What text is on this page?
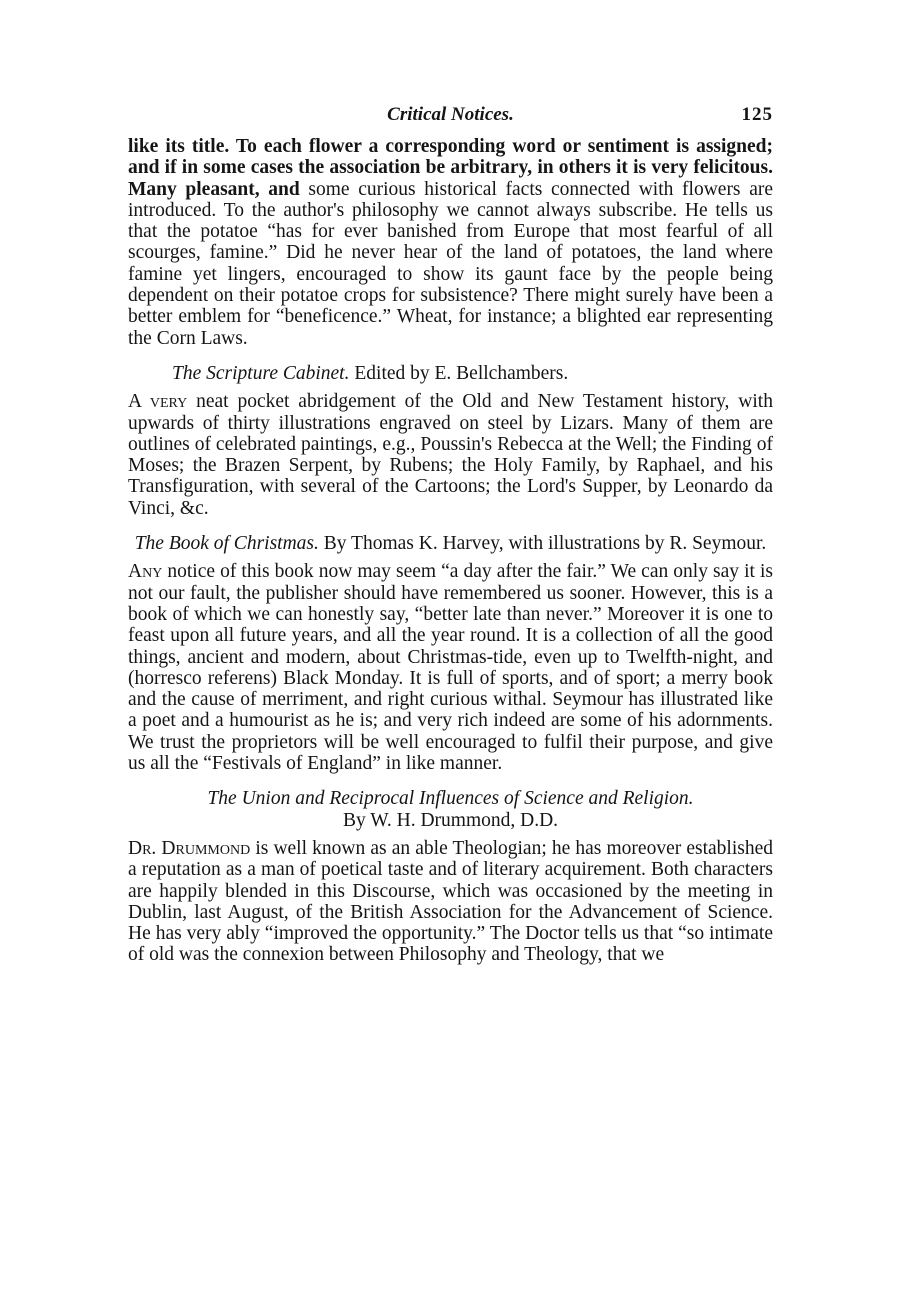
Critical Notices.	125

like its title. To each flower a corresponding word or sentiment is assigned; and if in some cases the association be arbitrary, in others it is very felicitous. Many pleasant, and some curious historical facts connected with flowers are introduced. To the author's philosophy we cannot always subscribe. He tells us that the potatoe “has for ever banished from Europe that most fearful of all scourges, famine.” Did he never hear of the land of potatoes, the land where famine yet lingers, encouraged to show its gaunt face by the people being dependent on their potatoe crops for subsistence? There might surely have been a better emblem for “beneficence.” Wheat, for instance; a blighted ear representing the Corn Laws.

The Scripture Cabinet. Edited by E. Bellchambers.

A very neat pocket abridgement of the Old and New Testament history, with upwards of thirty illustrations engraved on steel by Lizars. Many of them are outlines of celebrated paintings, e.g., Poussin's Rebecca at the Well; the Finding of Moses; the Brazen Serpent, by Rubens; the Holy Family, by Raphael, and his Transfiguration, with several of the Cartoons; the Lord's Supper, by Leonardo da Vinci, &c.

The Book of Christmas. By Thomas K. Harvey, with illustrations by R. Seymour.

Any notice of this book now may seem “a day after the fair.” We can only say it is not our fault, the publisher should have remembered us sooner. However, this is a book of which we can honestly say, “better late than never.” Moreover it is one to feast upon all future years, and all the year round. It is a collection of all the good things, ancient and modern, about Christmas-tide, even up to Twelfth-night, and (horresco referens) Black Monday. It is full of sports, and of sport; a merry book and the cause of merriment, and right curious withal. Seymour has illustrated like a poet and a humourist as he is; and very rich indeed are some of his adornments. We trust the proprietors will be well encouraged to fulfil their purpose, and give us all the “Festivals of England” in like manner.

The Union and Reciprocal Influences of Science and Religion.
By W. H. Drummond, D.D.

Dr. Drummond is well known as an able Theologian; he has moreover established a reputation as a man of poetical taste and of literary acquirement. Both characters are happily blended in this Discourse, which was occasioned by the meeting in Dublin, last August, of the British Association for the Advancement of Science. He has very ably “improved the opportunity.” The Doctor tells us that “so intimate of old was the connexion between Philosophy and Theology, that we
